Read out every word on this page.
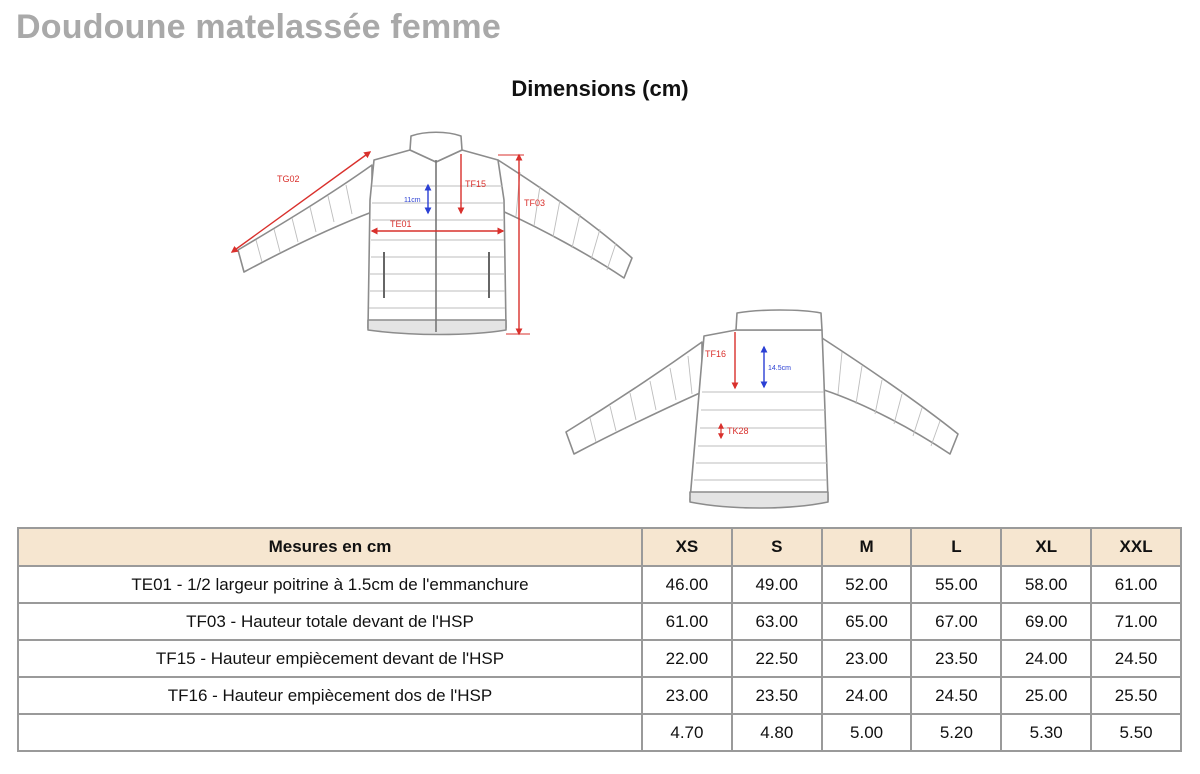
Doudoune matelassée femme
Dimensions (cm)
TG02
TE01
TF15
TF03
11cm
TF16
14.5cm
TK28
Mesures en cm	XS	S	M	L	XL	XXL
TE01 - 1/2 largeur poitrine à 1.5cm de l'emmanchure	46.00	49.00	52.00	55.00	58.00	61.00
TF03 - Hauteur totale devant de l'HSP	61.00	63.00	65.00	67.00	69.00	71.00
TF15 - Hauteur empiècement devant de l'HSP	22.00	22.50	23.00	23.50	24.00	24.50
TF16 - Hauteur empiècement dos de l'HSP	23.00	23.50	24.00	24.50	25.00	25.50
	4.70	4.80	5.00	5.20	5.30	5.50
